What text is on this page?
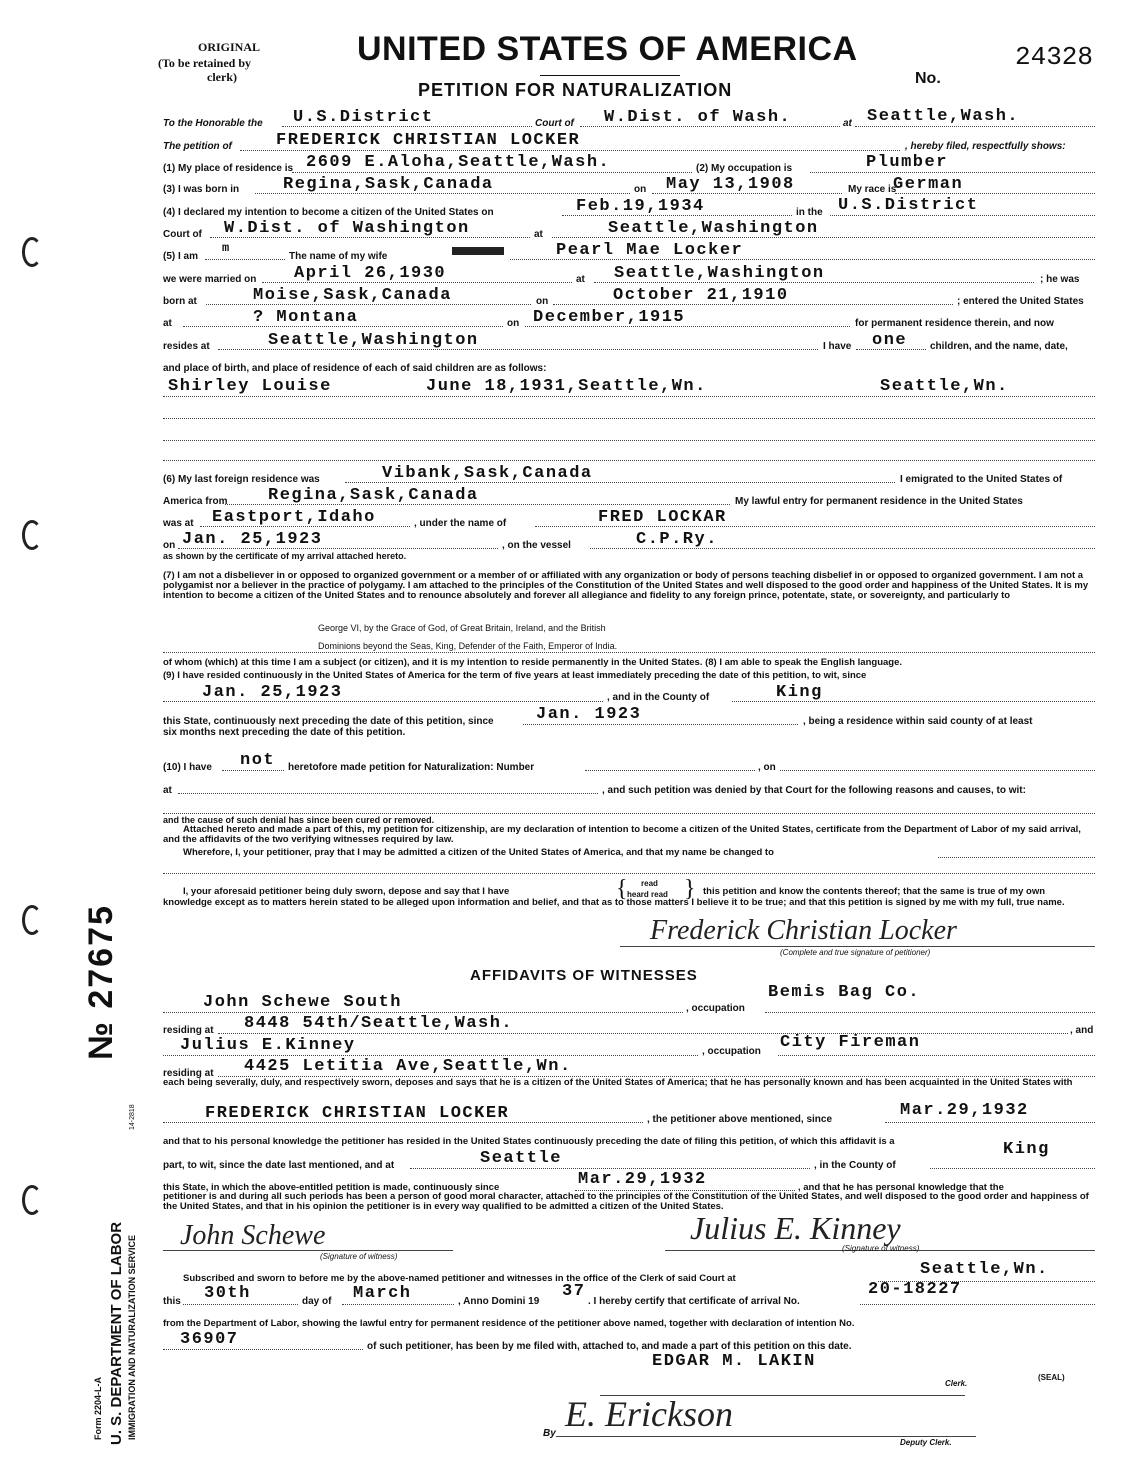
№ 27675
Form 2204-L-A U. S. DEPARTMENT OF LABOR IMMIGRATION AND NATURALIZATION SERVICE
14-2818
ORIGINAL
(To be retained by
clerk)
UNITED STATES OF AMERICA
PETITION FOR NATURALIZATION
24328
No.
To the Honorable the U.S.District	Court of W.Dist. of Wash.	at Seattle,Wash.
The petition of	FREDERICK CHRISTIAN LOCKER	, hereby filed, respectfully shows:
(1) My place of residence is 2609 E.Aloha,Seattle,Wash.	(2) My occupation is	Plumber
(3) I was born in	Regina,Sask,Canada	on May 13,1908	My race is
German
(4) I declared my intention to become a citizen of the United States on	Feb.19,1934	in the U.S.District
Court of W.Dist. of Washington	at	Seattle,Washington
(5) I am
m
The name of my wife	Pearl Mae Locker
we were married on April 26,1930	at Seattle,Washington	; he was
born at	Moise,Sask,Canada	on	October 21,1910	; entered the United States
at	? Montana	on December,1915	for permanent residence therein, and now
resides at	Seattle,Washington	I have one children, and the name, date,
and place of birth, and place of residence of each of said children are as follows:
Shirley Louise	June 18,1931,Seattle,Wn.	Seattle,Wn.
(6) My last foreign residence was	Vibank,Sask,Canada	I emigrated to the United States of
America from Regina,Sask,Canada	My lawful entry for permanent residence in the United States
was at Eastport,Idaho	, under the name of	FRED LOCKAR
on Jan. 25,1923	, on the vessel	C.P.Ry.
as shown by the certificate of my arrival attached hereto.

(7) I am not a disbeliever in or opposed to organized government or a member of or affiliated with any organization or body of persons teaching disbelief in or opposed to organized government. I am not a polygamist nor a believer in the practice of polygamy. I am attached to the principles of the Constitution of the United States and well disposed to the good order and happiness of the United States. It is my intention to become a citizen of the United States and to renounce absolutely and forever all allegiance and fidelity to any foreign prince, potentate, state, or sovereignty, and particularly to

George VI, by the Grace of God, of Great Britain, Ireland, and the British
Dominions beyond the Seas, King, Defender of the Faith, Emperor of India.
of whom (which) at this time I am a subject (or citizen), and it is my intention to reside permanently in the United States. (8) I am able to speak the English language.
(9) I have resided continuously in the United States of America for the term of five years at least immediately preceding the date of this petition, to wit, since
Jan. 25,1923	, and in the County of	King
this State, continuously next preceding the date of this petition, since Jan. 1923	, being a residence within said county of at least
six months next preceding the date of this petition.
(10) I have not heretofore made petition for Naturalization: Number	, on
at	, and such petition was denied by that Court for the following reasons and causes, to wit:
and the cause of such denial has since been cured or removed.

Attached hereto and made a part of this, my petition for citizenship, are my declaration of intention to become a citizen of the United States, certificate from the Department of Labor of my said arrival, and the affidavits of the two verifying witnesses required by law.

Wherefore, I, your petitioner, pray that I may be admitted a citizen of the United States of America, and that my name be changed to
I, your aforesaid petitioner being duly sworn, depose and say that I have	{ read
heard read } this petition and know the contents thereof; that the same is true of my own knowledge except as to matters herein stated to be alleged upon information and belief, and that as to those matters I believe it to be true; and that this petition is signed by me with my full, true name.

Frederick Christian Locker
(Complete and true signature of petitioner)
AFFIDAVITS OF WITNESSES
John Schewe South	, occupation
Bemis Bag Co.
residing at 8448 54th/Seattle,Wash.	, and
Julius E.Kinney	, occupation City Fireman
residing at 4425 Letitia Ave,Seattle,Wn.

each being severally, duly, and respectively sworn, deposes and says that he is a citizen of the United States of America; that he has personally known and has been acquainted in the United States with

FREDERICK CHRISTIAN LOCKER	, the petitioner above mentioned, since	Mar.29,1932
and that to his personal knowledge the petitioner has resided in the United States continuously preceding the date of filing this petition, of which this affidavit is a
part, to wit, since the date last mentioned, and at	Seattle	, in the County of
King
this State, in which the above-entitled petition is made, continuously since	Mar.29,1932	, and that he has personal knowledge that the

petitioner is and during all such periods has been a person of good moral character, attached to the principles of the Constitution of the United States, and well disposed to the good order and happiness of the United States, and that in his opinion the petitioner is in every way qualified to be admitted a citizen of the United States.

John Schewe
(Signature of witness)
Julius E. Kinney
(Signature of witness)
Subscribed and sworn to before me by the above-named petitioner and witnesses in the office of the Clerk of said Court at	Seattle,Wn.
this 30th	day of March	, Anno Domini 19
37
. I hereby certify that certificate of arrival No.
20-18227
from the Department of Labor, showing the lawful entry for permanent residence of the petitioner above named, together with declaration of intention No.
36907	of such petitioner, has been by me filed with, attached to, and made a part of this petition on this date.
EDGAR M. LAKIN
(SEAL)
Clerk.
By E. Erickson
Deputy Clerk.
